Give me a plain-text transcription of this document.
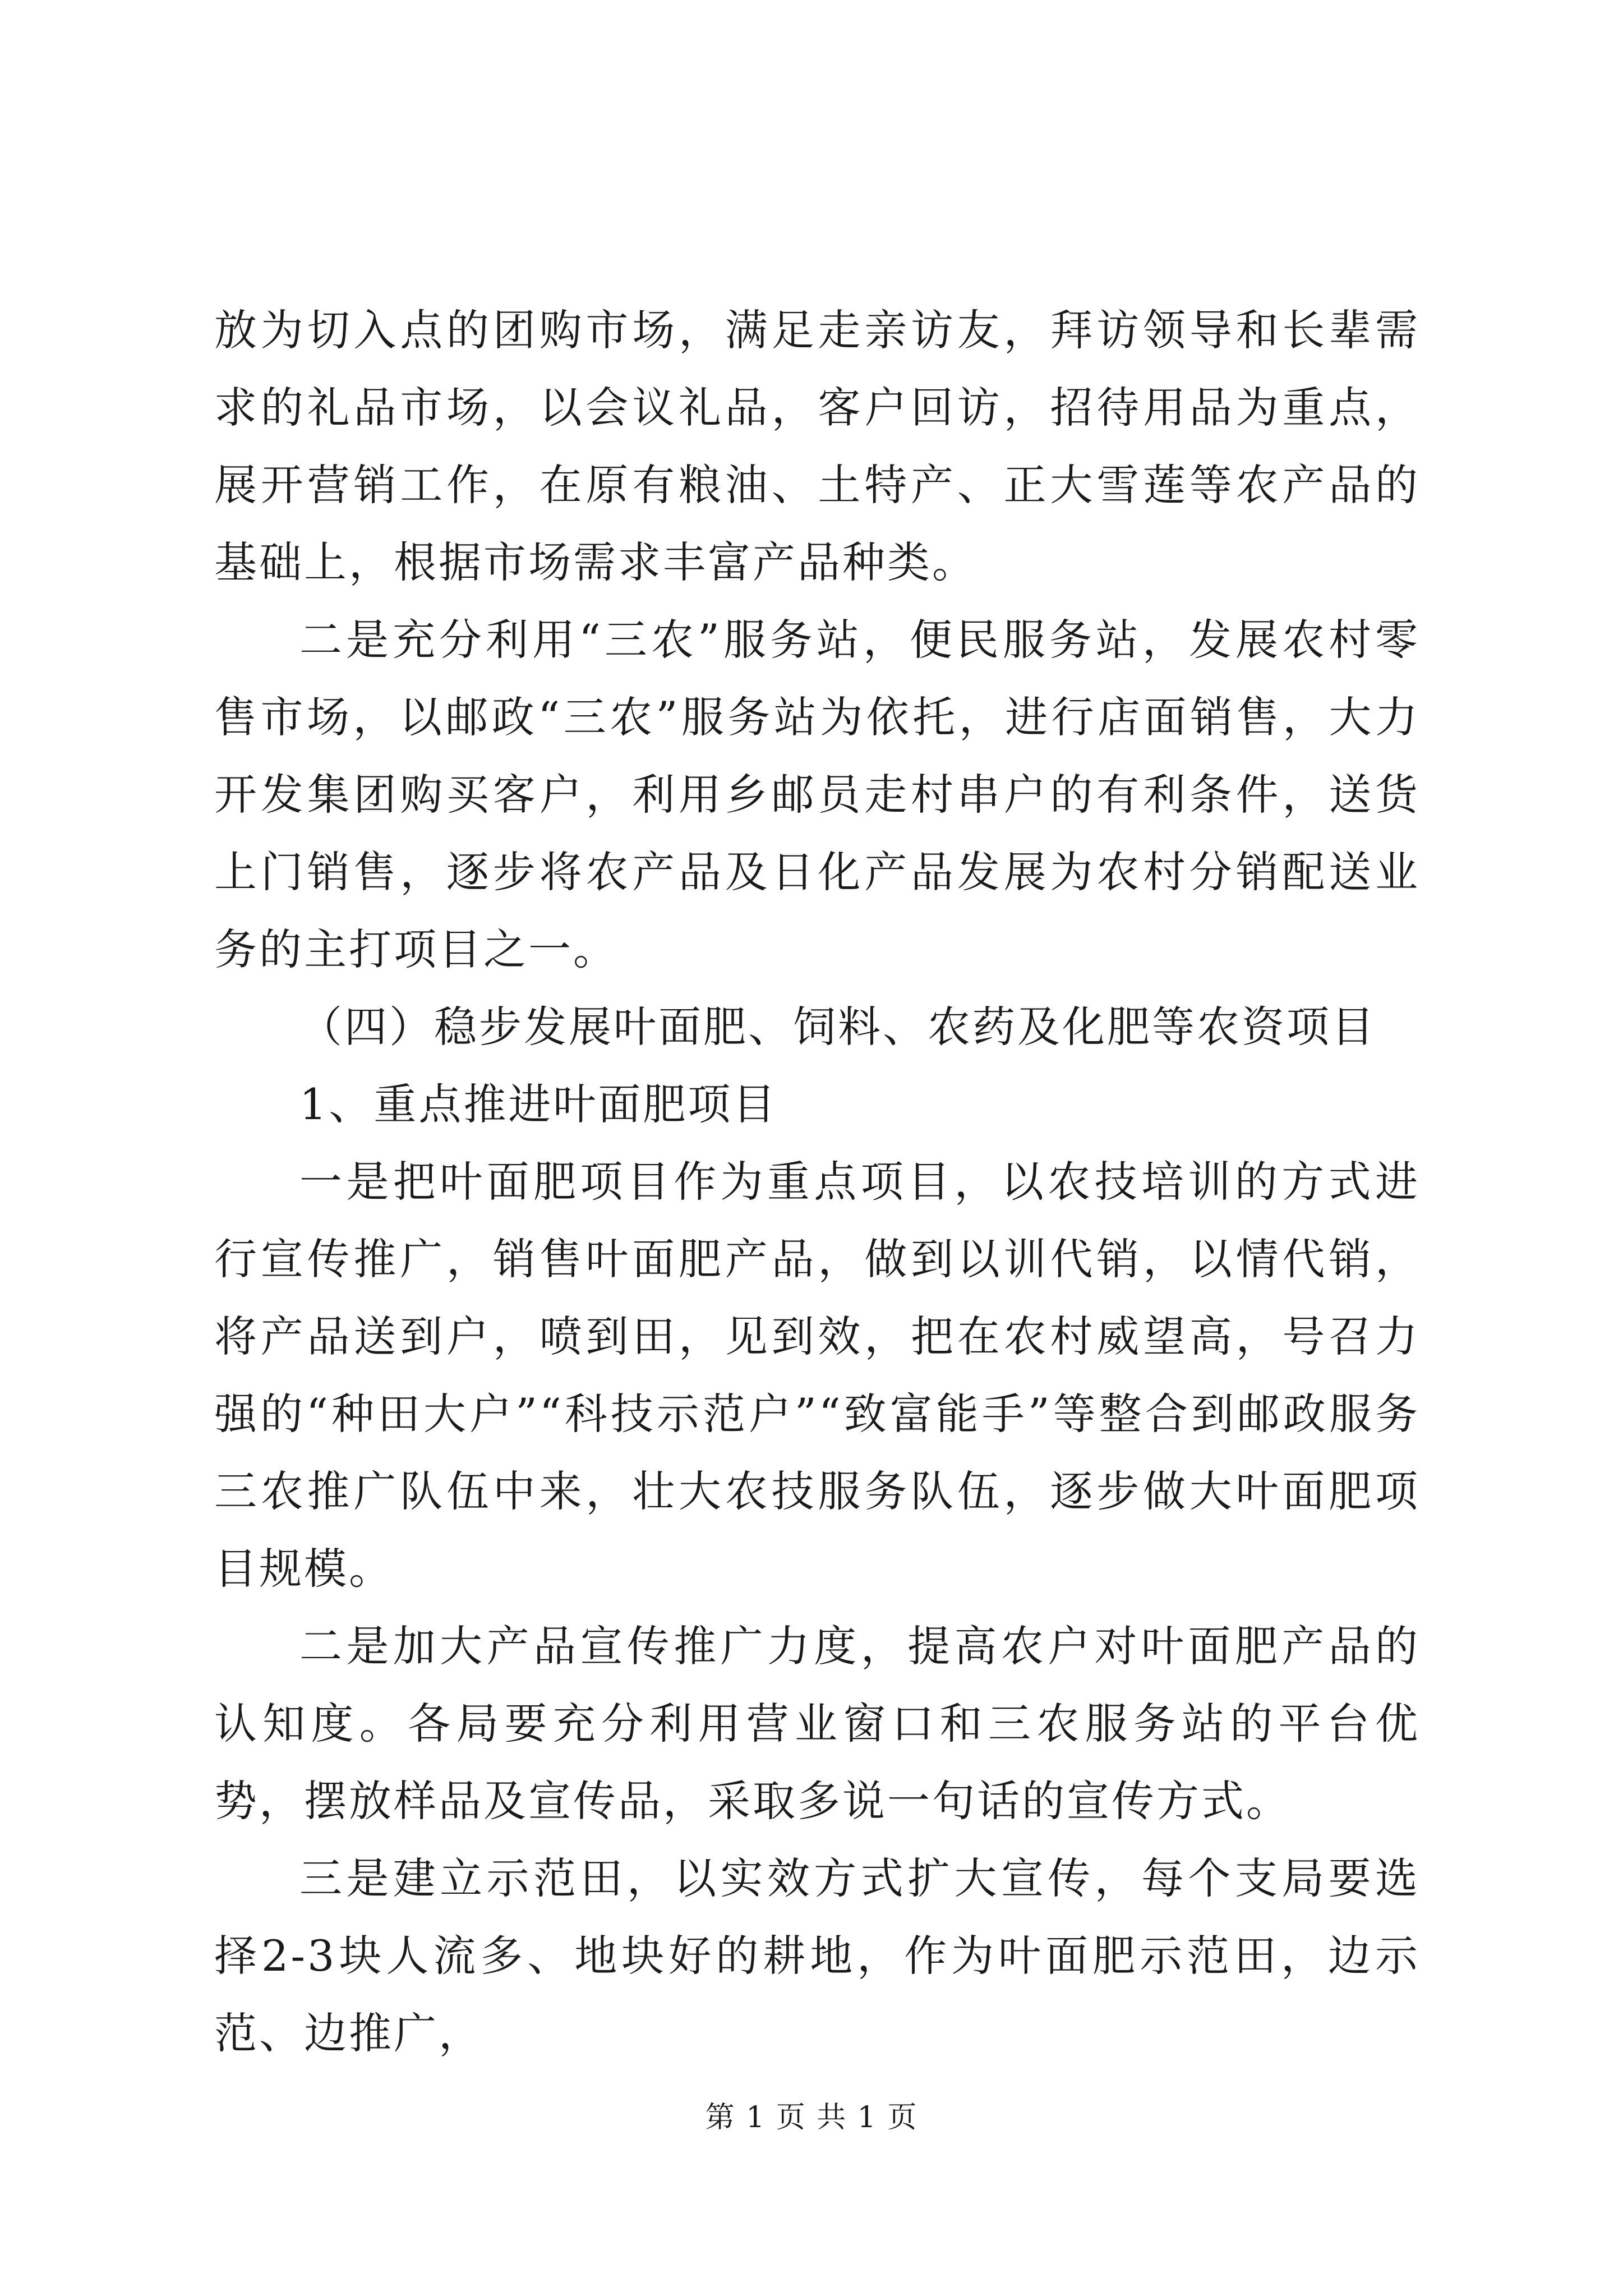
放为切入点的团购市场，满足走亲访友，拜访领导和长辈需求的礼品市场，以会议礼品，客户回访，招待用品为重点，展开营销工作，在原有粮油、土特产、正大雪莲等农产品的基础上，根据市场需求丰富产品种类。

二是充分利用“三农”服务站，便民服务站，发展农村零售市场，以邮政“三农”服务站为依托，进行店面销售，大力开发集团购买客户，利用乡邮员走村串户的有利条件，送货上门销售，逐步将农产品及日化产品发展为农村分销配送业务的主打项目之一。

（四）稳步发展叶面肥、饲料、农药及化肥等农资项目

1、重点推进叶面肥项目

一是把叶面肥项目作为重点项目，以农技培训的方式进行宣传推广，销售叶面肥产品，做到以训代销，以情代销，将产品送到户，喷到田，见到效，把在农村威望高，号召力强的“种田大户”“科技示范户”“致富能手”等整合到邮政服务三农推广队伍中来，壮大农技服务队伍，逐步做大叶面肥项目规模。

二是加大产品宣传推广力度，提高农户对叶面肥产品的认知度。各局要充分利用营业窗口和三农服务站的平台优势，摆放样品及宣传品，采取多说一句话的宣传方式。

三是建立示范田，以实效方式扩大宣传，每个支局要选择2-3块人流多、地块好的耕地，作为叶面肥示范田，边示范、边推广，

第 1 页 共 1 页
